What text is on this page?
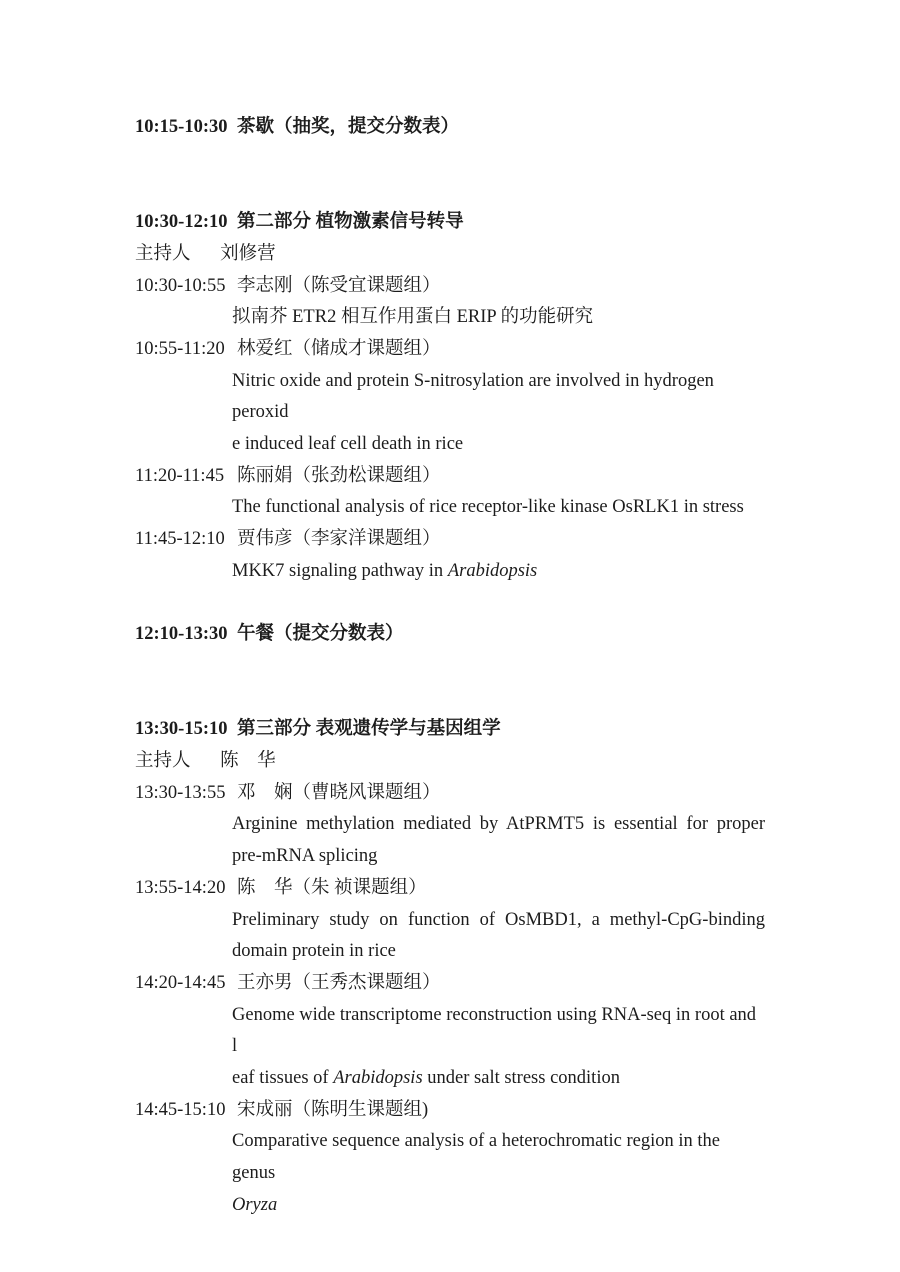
10:15-10:30 茶歇（抽奖，提交分数表）
10:30-12:10 第二部分 植物激素信号转导
主持人 刘修营
10:30-10:55 李志刚（陈受宜课题组）
拟南芥 ETR2 相互作用蛋白 ERIP 的功能研究
10:55-11:20 林爱红（储成才课题组）
Nitric oxide and protein S-nitrosylation are involved in hydrogen peroxid
e induced leaf cell death in rice
11:20-11:45 陈丽娟（张劲松课题组）
The functional analysis of rice receptor-like kinase OsRLK1 in stress
11:45-12:10 贾伟彦（李家洋课题组）
MKK7 signaling pathway in Arabidopsis
12:10-13:30 午餐（提交分数表）
13:30-15:10 第三部分 表观遗传学与基因组学
主持人 陈　华
13:30-13:55 邓　娴（曹晓风课题组）
Arginine methylation mediated by AtPRMT5 is essential for proper
pre-mRNA splicing
13:55-14:20 陈　华（朱 祯课题组）
Preliminary study on function of OsMBD1, a methyl-CpG-binding
domain protein in rice
14:20-14:45 王亦男（王秀杰课题组）
Genome wide transcriptome reconstruction using RNA-seq in root and l
eaf tissues of Arabidopsis under salt stress condition
14:45-15:10 宋成丽（陈明生课题组)
Comparative sequence analysis of a heterochromatic region in the genus
Oryza
